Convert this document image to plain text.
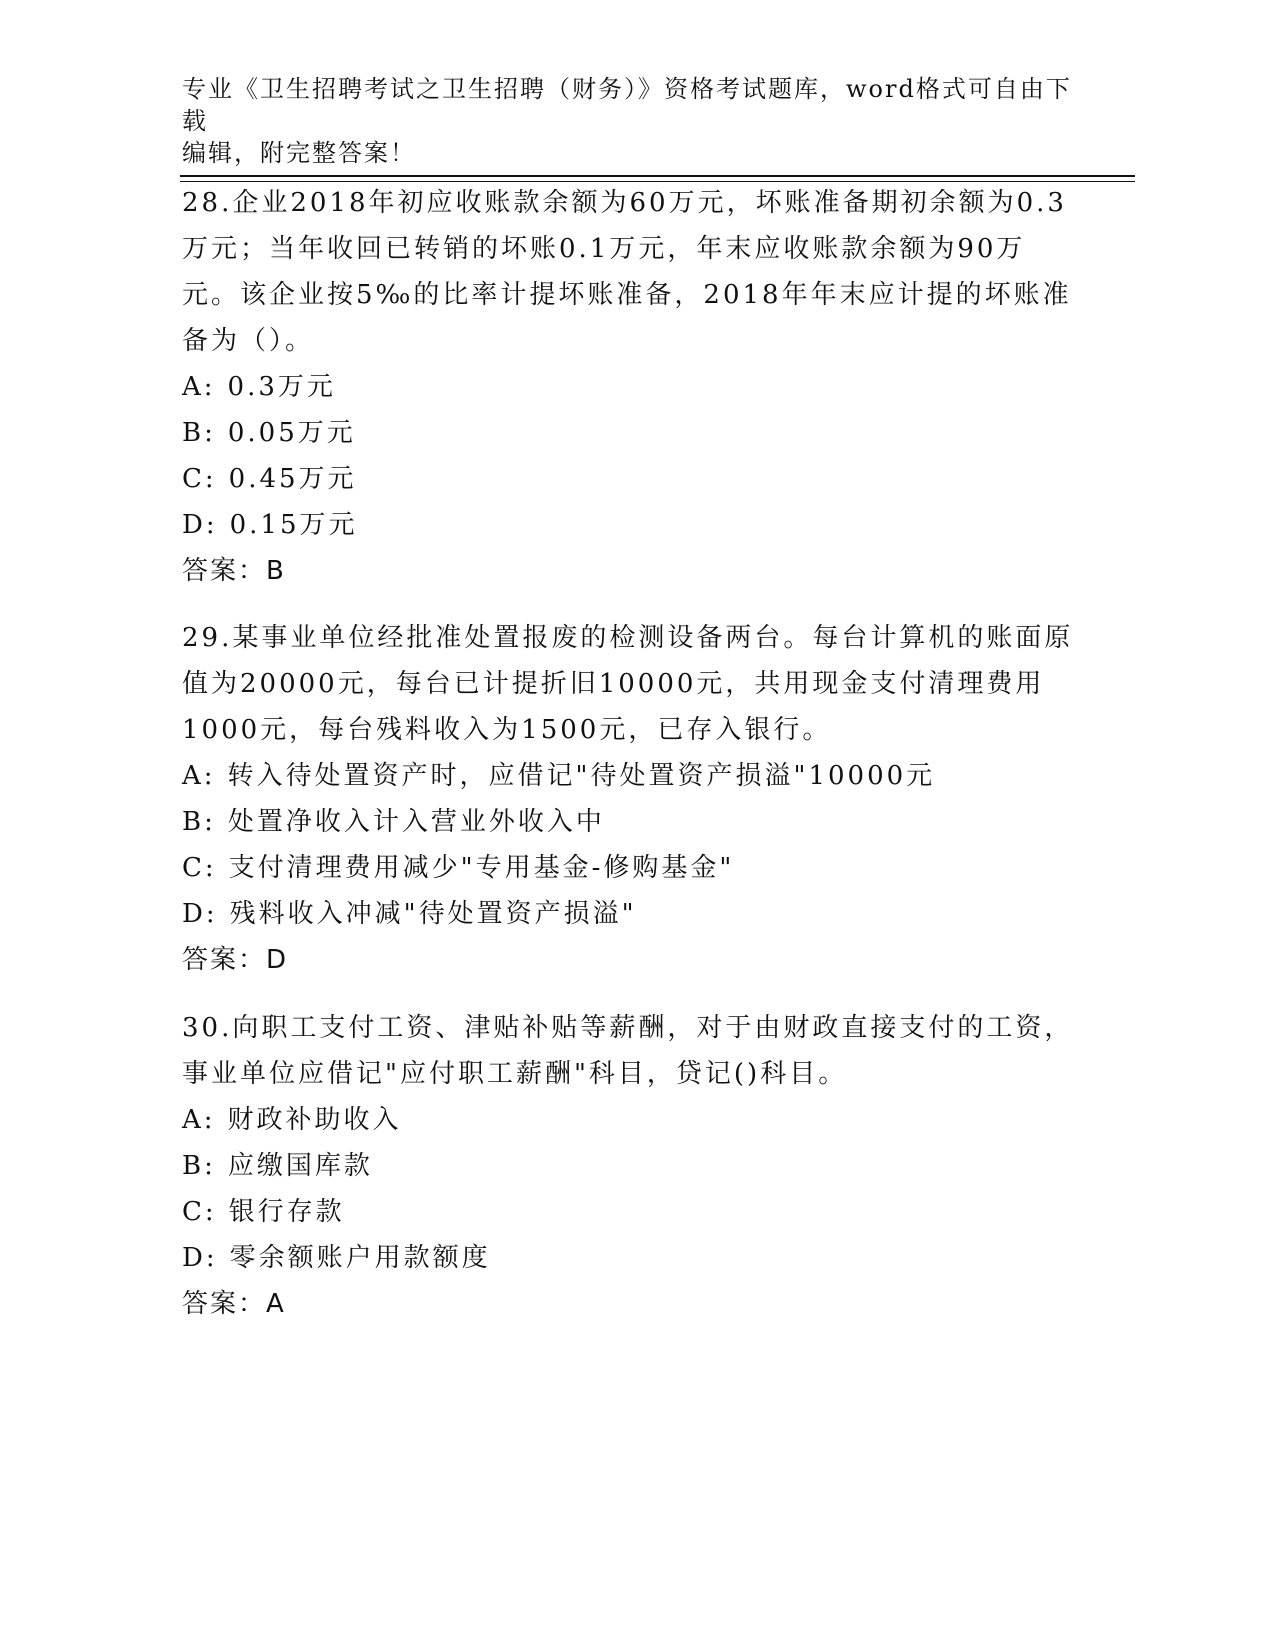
专业《卫生招聘考试之卫生招聘（财务）》资格考试题库，word格式可自由下载
编辑，附完整答案！

28.企业2018年初应收账款余额为60万元，坏账准备期初余额为0.3万元；当年收回已转销的坏账0.1万元，年末应收账款余额为90万元。该企业按5‰的比率计提坏账准备，2018年年末应计提的坏账准备为（）。

A: 0.3万元

B: 0.05万元

C: 0.45万元

D: 0.15万元

答案：B

29.某事业单位经批准处置报废的检测设备两台。每台计算机的账面原值为20000元，每台已计提折旧10000元，共用现金支付清理费用1000元，每台残料收入为1500元，已存入银行。

A: 转入待处置资产时，应借记"待处置资产损溢"10000元

B: 处置净收入计入营业外收入中

C: 支付清理费用减少"专用基金-修购基金"

D: 残料收入冲减"待处置资产损溢"

答案：D

30.向职工支付工资、津贴补贴等薪酬，对于由财政直接支付的工资，事业单位应借记"应付职工薪酬"科目，贷记()科目。

A: 财政补助收入

B: 应缴国库款

C: 银行存款

D: 零余额账户用款额度

答案：A
